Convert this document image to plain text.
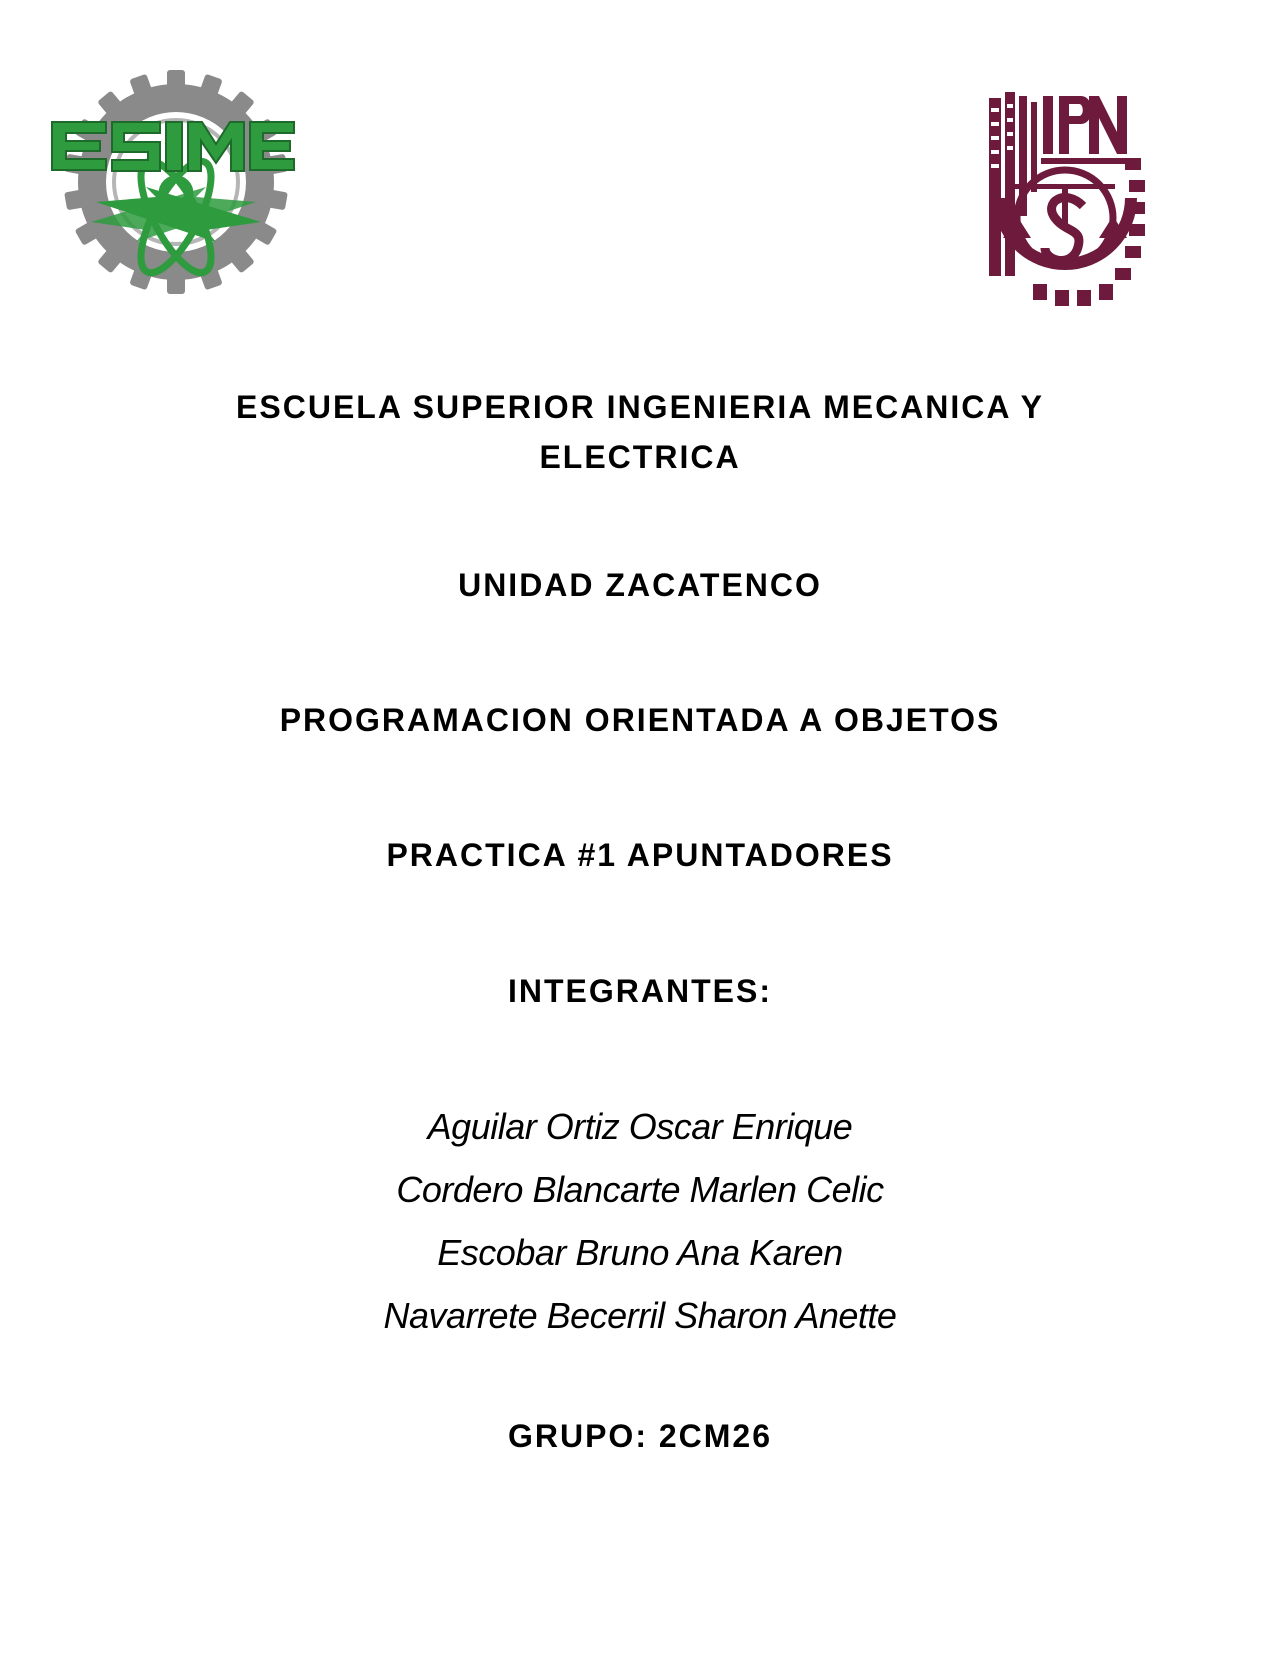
ESCUELA SUPERIOR INGENIERIA MECANICA Y
ELECTRICA

UNIDAD ZACATENCO

PROGRAMACION ORIENTADA A OBJETOS

PRACTICA #1 APUNTADORES

INTEGRANTES:

Aguilar Ortiz Oscar Enrique
Cordero Blancarte Marlen Celic
Escobar Bruno Ana Karen
Navarrete Becerril Sharon Anette

GRUPO: 2CM26
